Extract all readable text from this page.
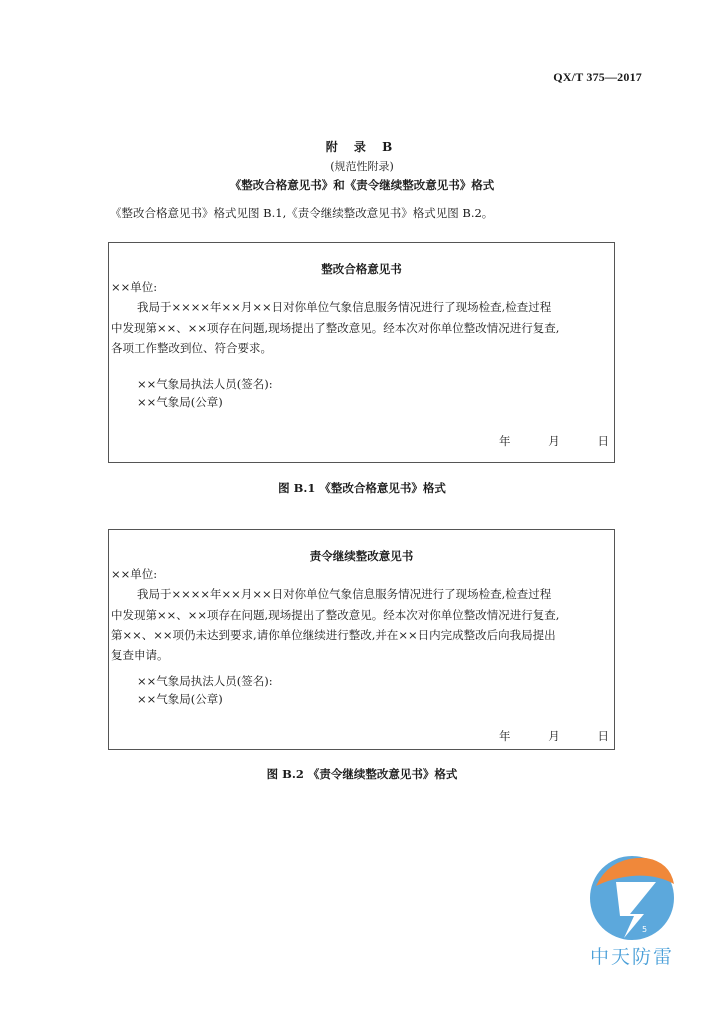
QX/T 375—2017
附 录 B
(规范性附录)
《整改合格意见书》和《责令继续整改意见书》格式
《整改合格意见书》格式见图 B.1,《责令继续整改意见书》格式见图 B.2。
整改合格意见书
××单位:
我局于××××年××月××日对你单位气象信息服务情况进行了现场检查,检查过程
中发现第××、××项存在问题,现场提出了整改意见。经本次对你单位整改情况进行复查,
各项工作整改到位、符合要求。
××气象局执法人员(签名):
××气象局(公章)
年	月	日
图 B.1 《整改合格意见书》格式
责令继续整改意见书
××单位:
我局于××××年××月××日对你单位气象信息服务情况进行了现场检查,检查过程
中发现第××、××项存在问题,现场提出了整改意见。经本次对你单位整改情况进行复查,
第××、××项仍未达到要求,请你单位继续进行整改,并在××日内完成整改后向我局提出
复查申请。
××气象局执法人员(签名):
××气象局(公章)
年	月	日
图 B.2 《责令继续整改意见书》格式
5
中天防雷
